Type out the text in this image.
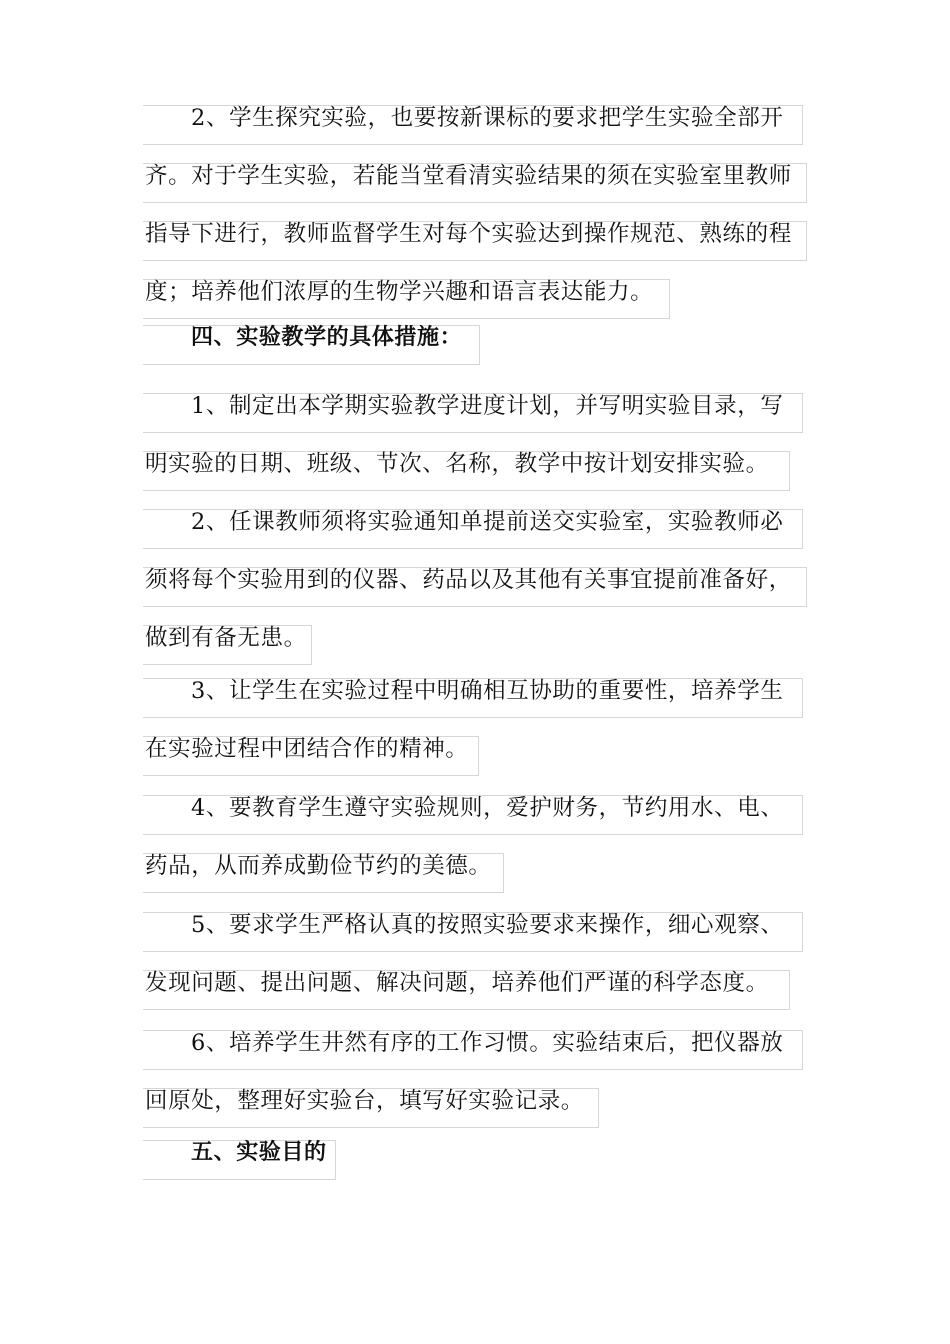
2、学生探究实验，也要按新课标的要求把学生实验全部开
齐。对于学生实验，若能当堂看清实验结果的须在实验室里教师
指导下进行，教师监督学生对每个实验达到操作规范、熟练的程
度；培养他们浓厚的生物学兴趣和语言表达能力。
四、实验教学的具体措施：
1、制定出本学期实验教学进度计划，并写明实验目录，写
明实验的日期、班级、节次、名称，教学中按计划安排实验。
2、任课教师须将实验通知单提前送交实验室，实验教师必
须将每个实验用到的仪器、药品以及其他有关事宜提前准备好，
做到有备无患。
3、让学生在实验过程中明确相互协助的重要性，培养学生
在实验过程中团结合作的精神。
4、要教育学生遵守实验规则，爱护财务，节约用水、电、
药品，从而养成勤俭节约的美德。
5、要求学生严格认真的按照实验要求来操作，细心观察、
发现问题、提出问题、解决问题，培养他们严谨的科学态度。
6、培养学生井然有序的工作习惯。实验结束后，把仪器放
回原处，整理好实验台，填写好实验记录。
五、实验目的
